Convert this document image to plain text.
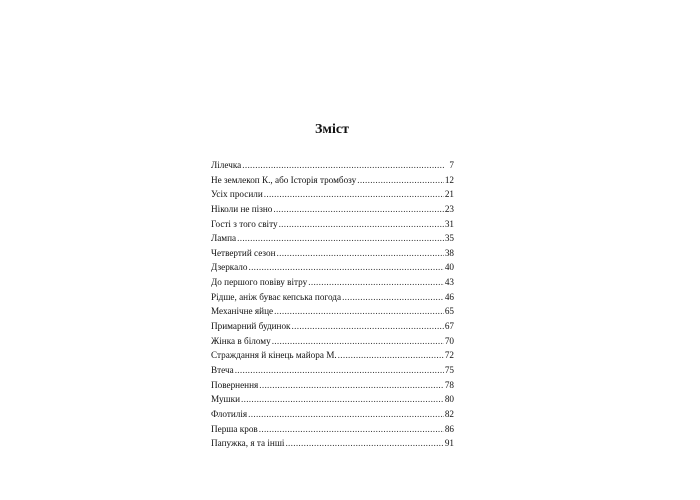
Зміст
Лілечка .....	7
Не землекоп К., або Історія тромбозу .....	12
Усіх просили .....	21
Ніколи не пізно .....	23
Гості з того світу .....	31
Лампа .....	35
Четвертий сезон .....	38
Дзеркало .....	40
До першого повіву вітру .....	43
Рідше, аніж буває кепська погода .....	46
Механічне яйце .....	65
Примарний будинок .....	67
Жінка в білому .....	70
Страждання й кінець майора М. .....	72
Втеча .....	75
Повернення .....	78
Мушки .....	80
Флотилія .....	82
Перша кров .....	86
Папужка, я та інші .....	91
